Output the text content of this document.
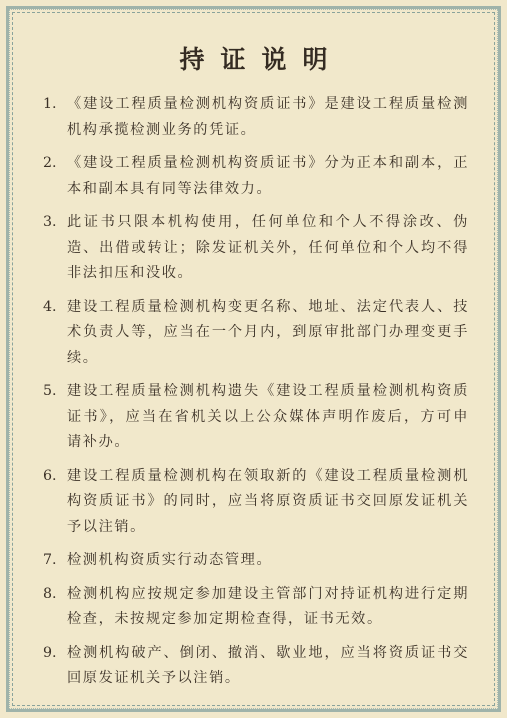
持证说明
1. 《建设工程质量检测机构资质证书》是建设工程质量检测机构承揽检测业务的凭证。
2. 《建设工程质量检测机构资质证书》分为正本和副本，正本和副本具有同等法律效力。
3. 此证书只限本机构使用，任何单位和个人不得涂改、伪造、出借或转让；除发证机关外，任何单位和个人均不得非法扣压和没收。
4. 建设工程质量检测机构变更名称、地址、法定代表人、技术负责人等，应当在一个月内，到原审批部门办理变更手续。
5. 建设工程质量检测机构遗失《建设工程质量检测机构资质证书》，应当在省机关以上公众媒体声明作废后，方可申请补办。
6. 建设工程质量检测机构在领取新的《建设工程质量检测机构资质证书》的同时，应当将原资质证书交回原发证机关予以注销。
7. 检测机构资质实行动态管理。
8. 检测机构应按规定参加建设主管部门对持证机构进行定期检查，未按规定参加定期检查得，证书无效。
9. 检测机构破产、倒闭、撤消、歇业地，应当将资质证书交回原发证机关予以注销。
